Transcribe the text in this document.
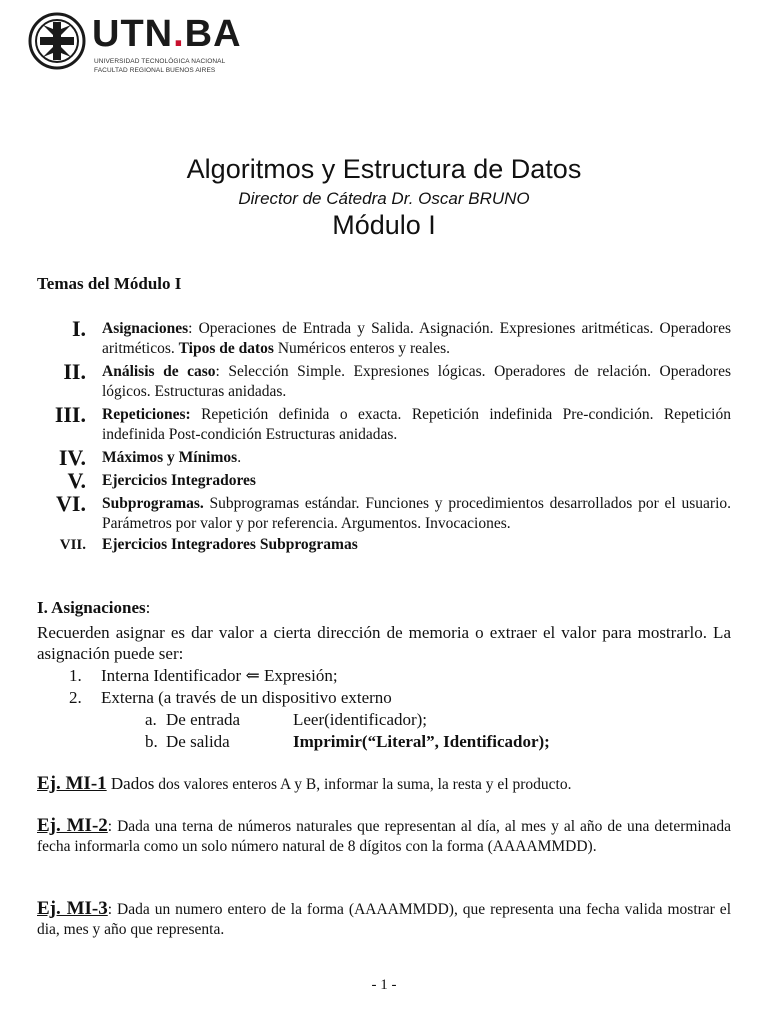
UTN.BA
UNIVERSIDAD TECNOLÓGICA NACIONAL
FACULTAD REGIONAL BUENOS AIRES
Algoritmos y Estructura de Datos
Director de Cátedra Dr. Oscar BRUNO
Módulo I
Temas del Módulo I
I. Asignaciones: Operaciones de Entrada y Salida. Asignación. Expresiones aritméticas. Operadores aritméticos. Tipos de datos Numéricos enteros y reales.
II. Análisis de caso: Selección Simple. Expresiones lógicas. Operadores de relación. Operadores lógicos. Estructuras anidadas.
III. Repeticiones: Repetición definida o exacta. Repetición indefinida Pre-condición. Repetición indefinida Post-condición Estructuras anidadas.
IV. Máximos y Mínimos.
V. Ejercicios Integradores
VI. Subprogramas. Subprogramas estándar. Funciones y procedimientos desarrollados por el usuario. Parámetros por valor y por referencia. Argumentos. Invocaciones.
VII. Ejercicios Integradores Subprogramas
I. Asignaciones:
Recuerden asignar es dar valor a cierta dirección de memoria o extraer el valor para mostrarlo. La asignación puede ser:
1. Interna Identificador ⇐ Expresión;
2. Externa (a través de un dispositivo externo
a. De entrada	Leer(identificador);
b. De salida	Imprimir(“Literal”, Identificador);
Ej. MI-1 Dados dos valores enteros A y B, informar la suma, la resta y el producto.
Ej. MI-2: Dada una terna de números naturales que representan al día, al mes y al año de una determinada fecha informarla como un solo número natural de 8 dígitos con la forma (AAAAMMDD).
Ej. MI-3: Dada un numero entero de la forma (AAAAMMDD), que representa una fecha valida mostrar el dia, mes y año que representa.
- 1 -
